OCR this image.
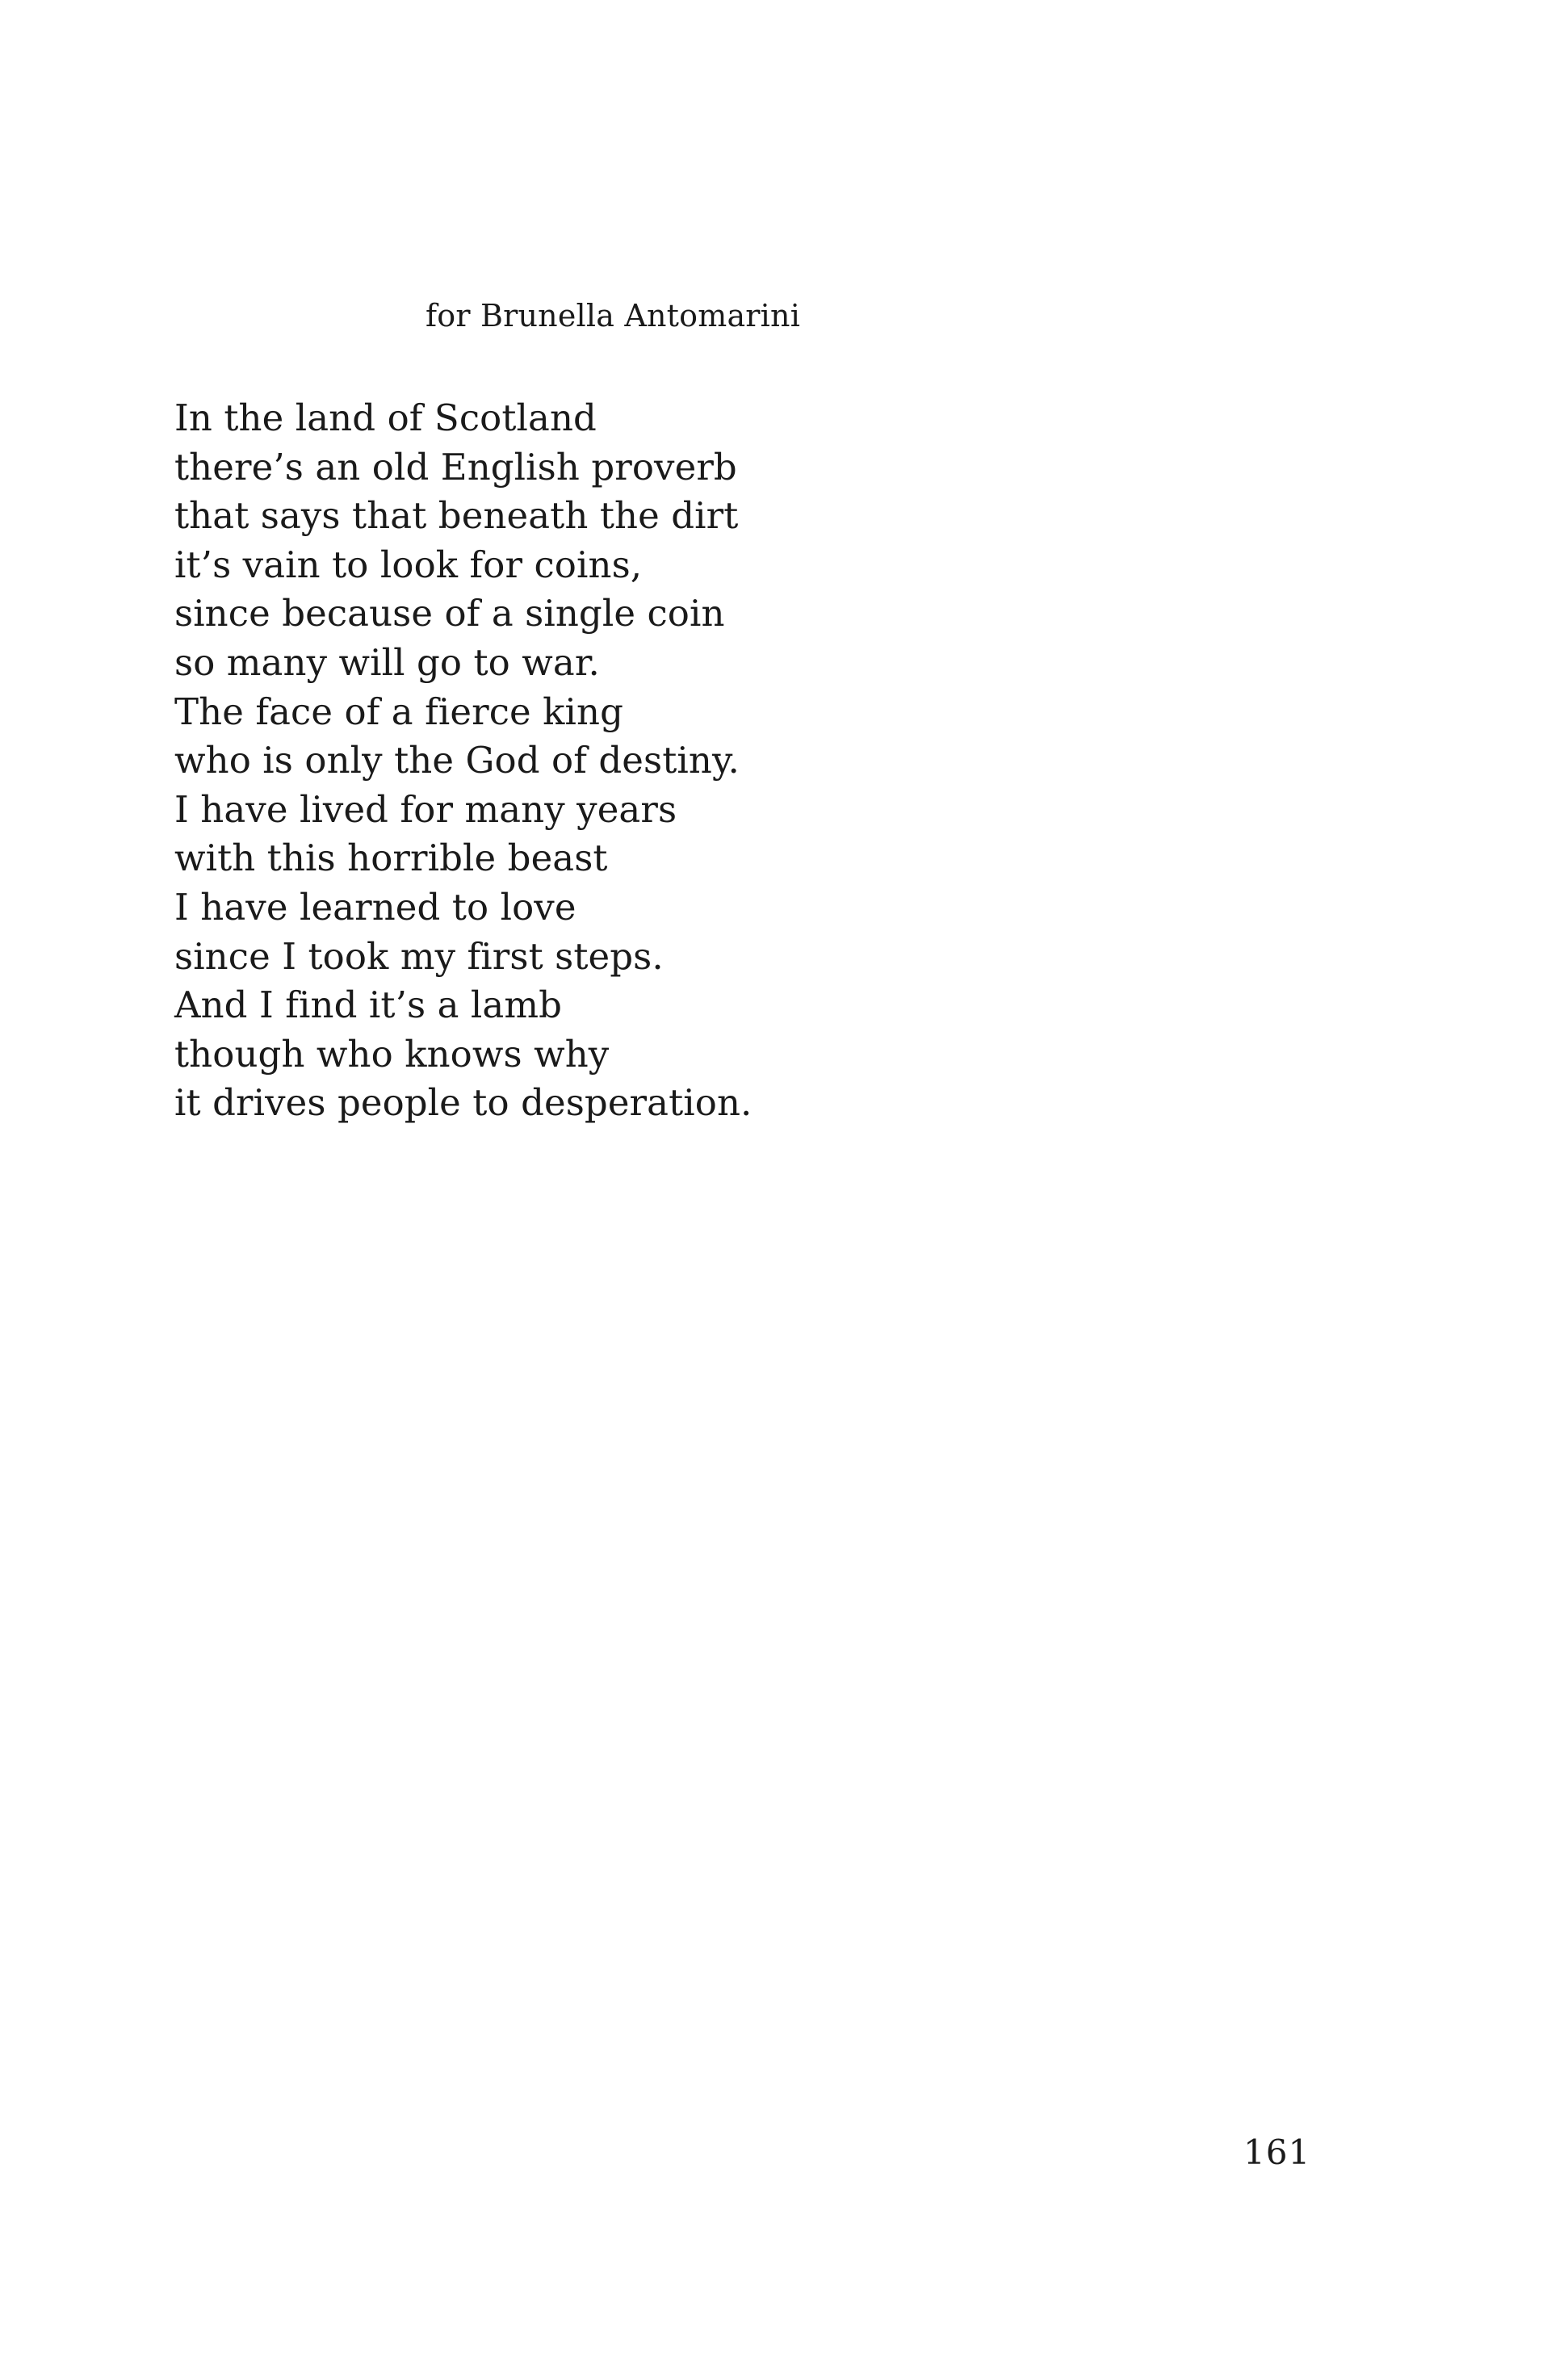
for Brunella Antomarini
In the land of Scotland
there’s an old English proverb
that says that beneath the dirt
it’s vain to look for coins,
since because of a single coin
so many will go to war.
The face of a fierce king
who is only the God of destiny.
I have lived for many years
with this horrible beast
I have learned to love
since I took my first steps.
And I find it’s a lamb
though who knows why
it drives people to desperation.
161
